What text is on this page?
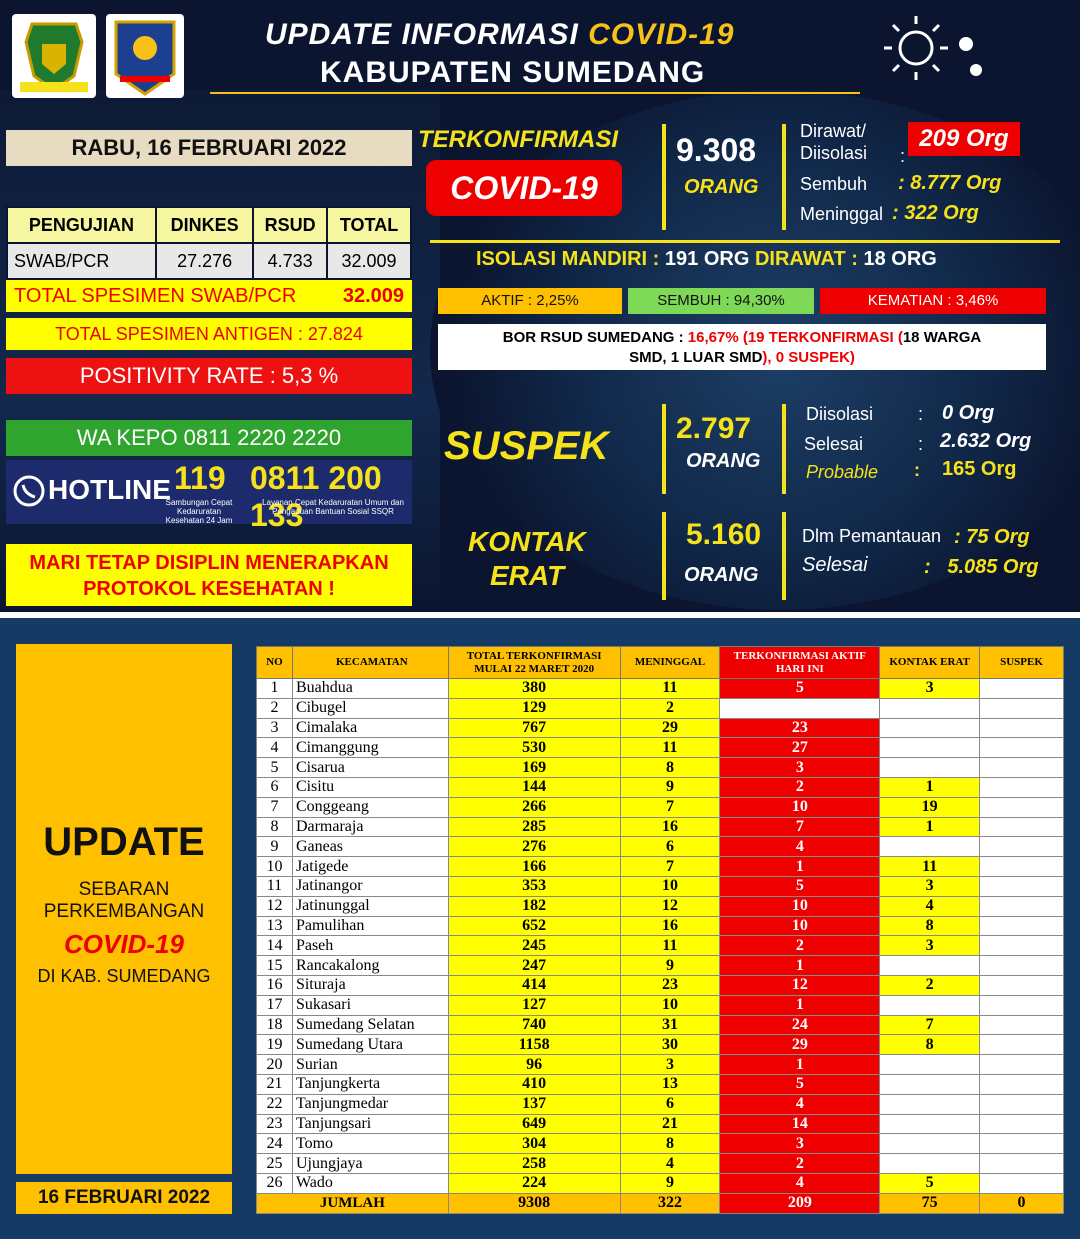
UPDATE INFORMASI COVID-19
KABUPATEN SUMEDANG
RABU, 16 FEBRUARI 2022
PENGUJIAN	DINKES	RSUD	TOTAL
SWAB/PCR	27.276	4.733	32.009
TOTAL SPESIMEN SWAB/PCR 32.009
TOTAL SPESIMEN ANTIGEN : 27.824
POSITIVITY RATE : 5,3 %
WA KEPO 0811 2220 2220
HOTLINE 119
Sambungan Cepat Kedaruratan Kesehatan 24 Jam
0811 200 133
Layanan Cepat Kedaruratan Umum dan Pengaduan Bantuan Sosial SSQR
MARI TETAP DISIPLIN MENERAPKAN
PROTOKOL KESEHATAN !
TERKONFIRMASI
COVID-19
9.308
ORANG
Dirawat/ Diisolasi	:
209 Org
Sembuh : 8.777 Org
Meninggal : 322 Org
ISOLASI MANDIRI : 191 ORG DIRAWAT : 18 ORG
AKTIF : 2,25%	SEMBUH : 94,30%	KEMATIAN : 3,46%
BOR RSUD SUMEDANG : 16,67% (19 TERKONFIRMASI (18 WARGA
SMD, 1 LUAR SMD), 0 SUSPEK)
SUSPEK 2.797
ORANG
Diisolasi : 0 Org
Selesai	: 2.632 Org
Probable : 165 Org
KONTAK
ERAT
5.160
ORANG
Dlm Pemantauan : 75 Org
Selesai	:   5.085 Org
UPDATE
SEBARAN
PERKEMBANGAN
COVID-19
DI KAB. SUMEDANG
16 FEBRUARI 2022
NO	KECAMATAN	TOTAL TERKONFIRMASI MULAI 22 MARET 2020	MENINGGAL	TERKONFIRMASI AKTIF HARI INI	KONTAK ERAT	SUSPEK
1	Buahdua	380	11	5	3	
2	Cibugel	129	2			
3	Cimalaka	767	29	23		
4	Cimanggung	530	11	27		
5	Cisarua	169	8	3		
6	Cisitu	144	9	2	1	
7	Conggeang	266	7	10	19	
8	Darmaraja	285	16	7	1	
9	Ganeas	276	6	4		
10	Jatigede	166	7	1	11	
11	Jatinangor	353	10	5	3	
12	Jatinunggal	182	12	10	4	
13	Pamulihan	652	16	10	8	
14	Paseh	245	11	2	3	
15	Rancakalong	247	9	1		
16	Situraja	414	23	12	2	
17	Sukasari	127	10	1		
18	Sumedang Selatan	740	31	24	7	
19	Sumedang Utara	1158	30	29	8	
20	Surian	96	3	1		
21	Tanjungkerta	410	13	5		
22	Tanjungmedar	137	6	4		
23	Tanjungsari	649	21	14		
24	Tomo	304	8	3		
25	Ujungjaya	258	4	2		
26	Wado	224	9	4	5	
JUMLAH		9308	322	209	75	0
